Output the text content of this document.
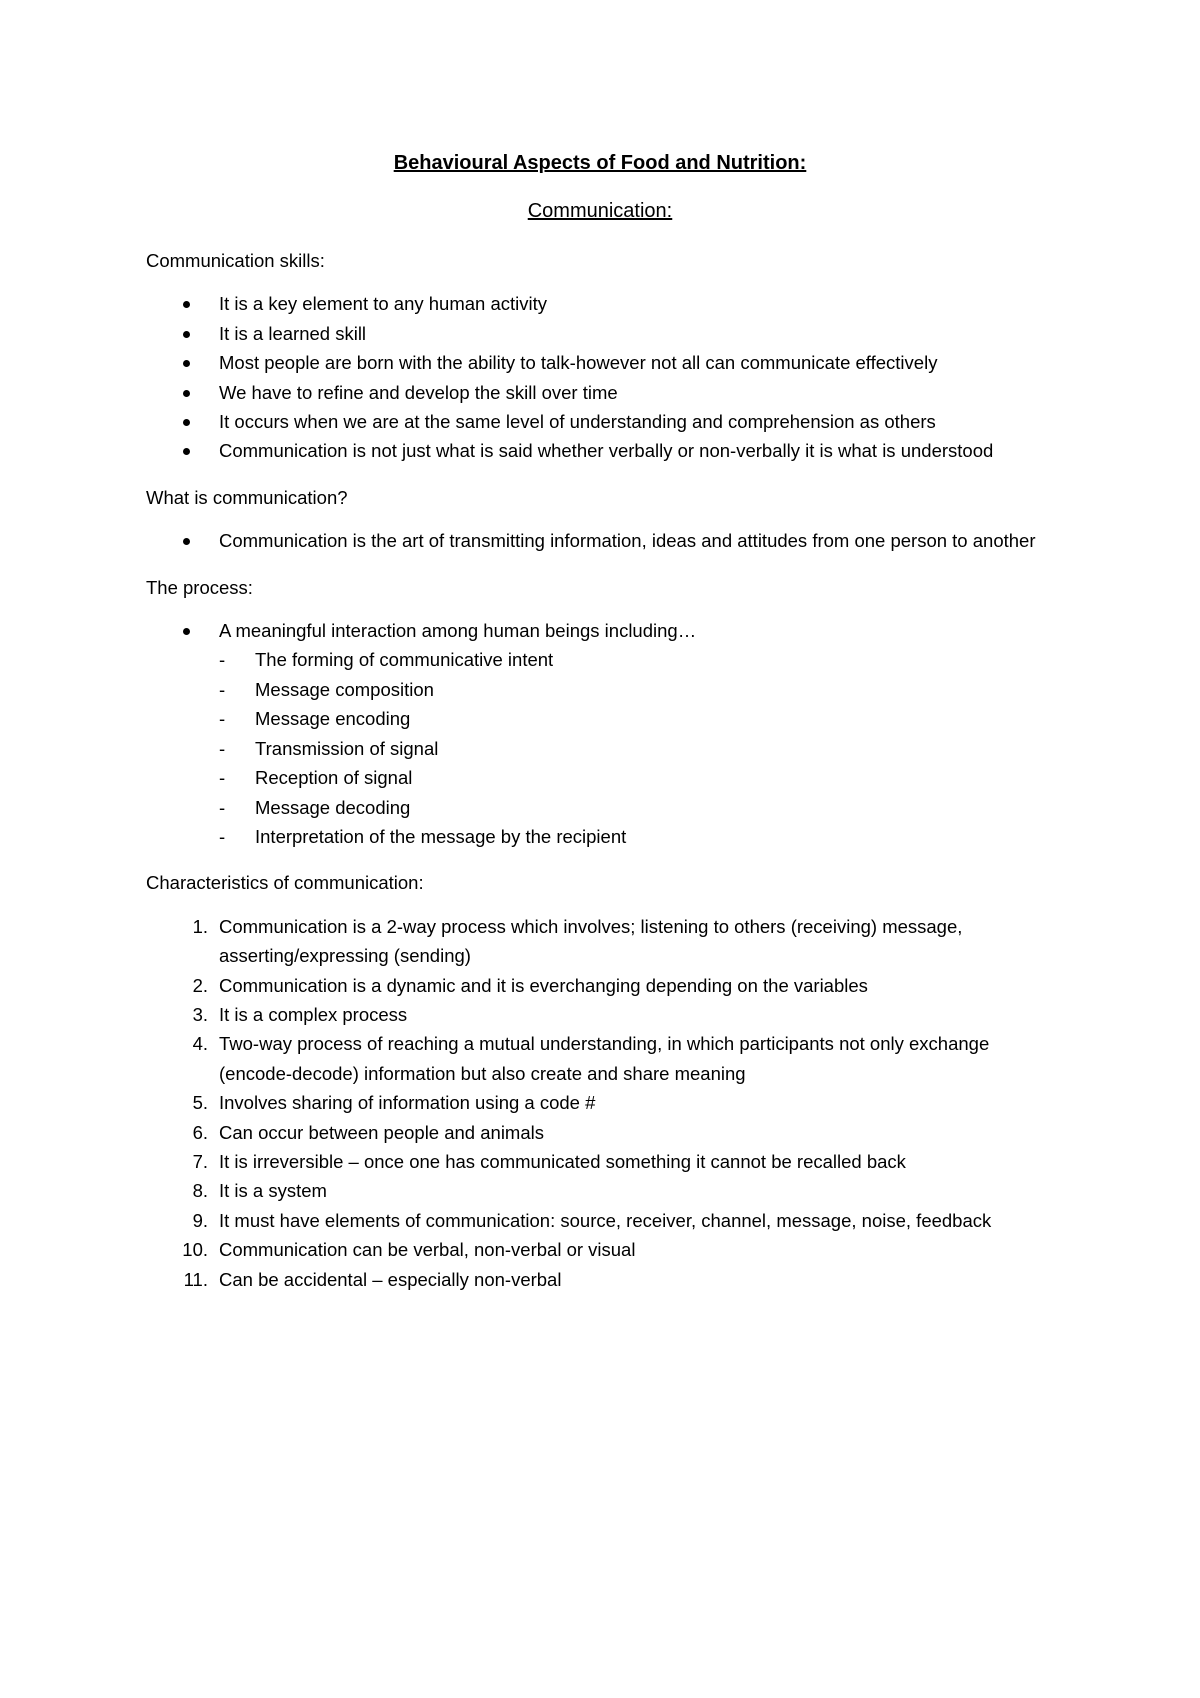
Behavioural Aspects of Food and Nutrition:
Communication:

Communication skills:

It is a key element to any human activity
It is a learned skill
Most people are born with the ability to talk-however not all can communicate effectively
We have to refine and develop the skill over time
It occurs when we are at the same level of understanding and comprehension as others
Communication is not just what is said whether verbally or non-verbally it is what is understood

What is communication?

Communication is the art of transmitting information, ideas and attitudes from one person to another

The process:

A meaningful interaction among human beings including…
- The forming of communicative intent
- Message composition
- Message encoding
- Transmission of signal
- Reception of signal
- Message decoding
- Interpretation of the message by the recipient

Characteristics of communication:

1. Communication is a 2-way process which involves; listening to others (receiving) message, asserting/expressing (sending)
2. Communication is a dynamic and it is everchanging depending on the variables
3. It is a complex process
4. Two-way process of reaching a mutual understanding, in which participants not only exchange (encode-decode) information but also create and share meaning
5. Involves sharing of information using a code #
6. Can occur between people and animals
7. It is irreversible – once one has communicated something it cannot be recalled back
8. It is a system
9. It must have elements of communication: source, receiver, channel, message, noise, feedback
10. Communication can be verbal, non-verbal or visual
11. Can be accidental – especially non-verbal
